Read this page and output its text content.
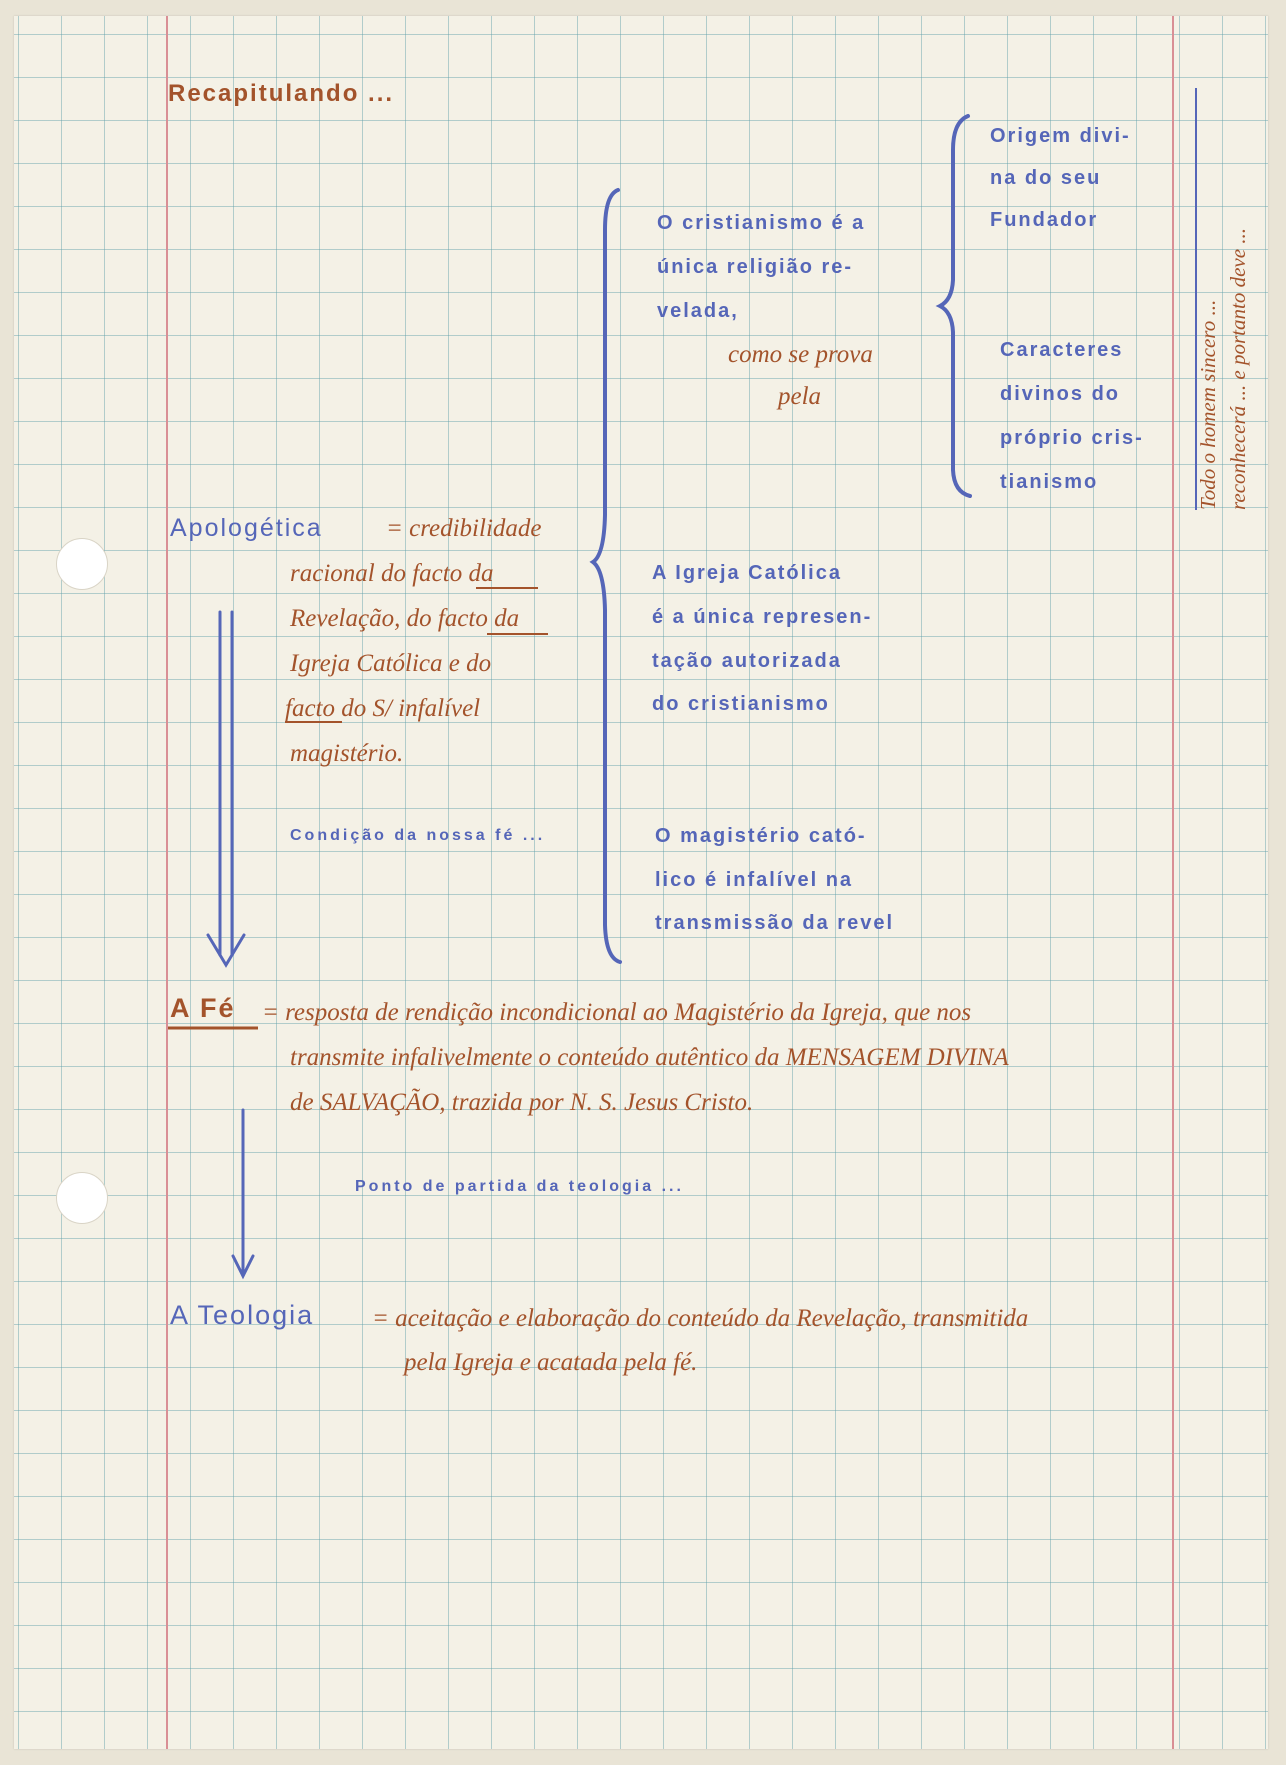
Recapitulando ...
O cristianismo é a
única religião re-
velada,
como se prova
pela
Origem divi-
na do seu
Fundador
Caracteres
divinos do
próprio cris-
tianismo	Todo o homem sincero ... reconhecerá ... e portanto deve ...
Apologética	= credibilidade
racional do facto da
Revelação, do facto da
Igreja Católica e do
facto do S/ infalível
magistério.
Condição da nossa fé ...
A Igreja Católica
é a única represen-
tação autorizada
do cristianismo
O magistério cató-
lico é infalível na
transmissão da revel
A Fé = resposta de rendição incondicional ao Magistério da Igreja, que nos
transmite infalivelmente o conteúdo autêntico da MENSAGEM DIVINA
de SALVAÇÃO, trazida por N. S. Jesus Cristo.
Ponto de partida da teologia ...
A Teologia = aceitação e elaboração do conteúdo da Revelação, transmitida
pela Igreja e acatada pela fé.
